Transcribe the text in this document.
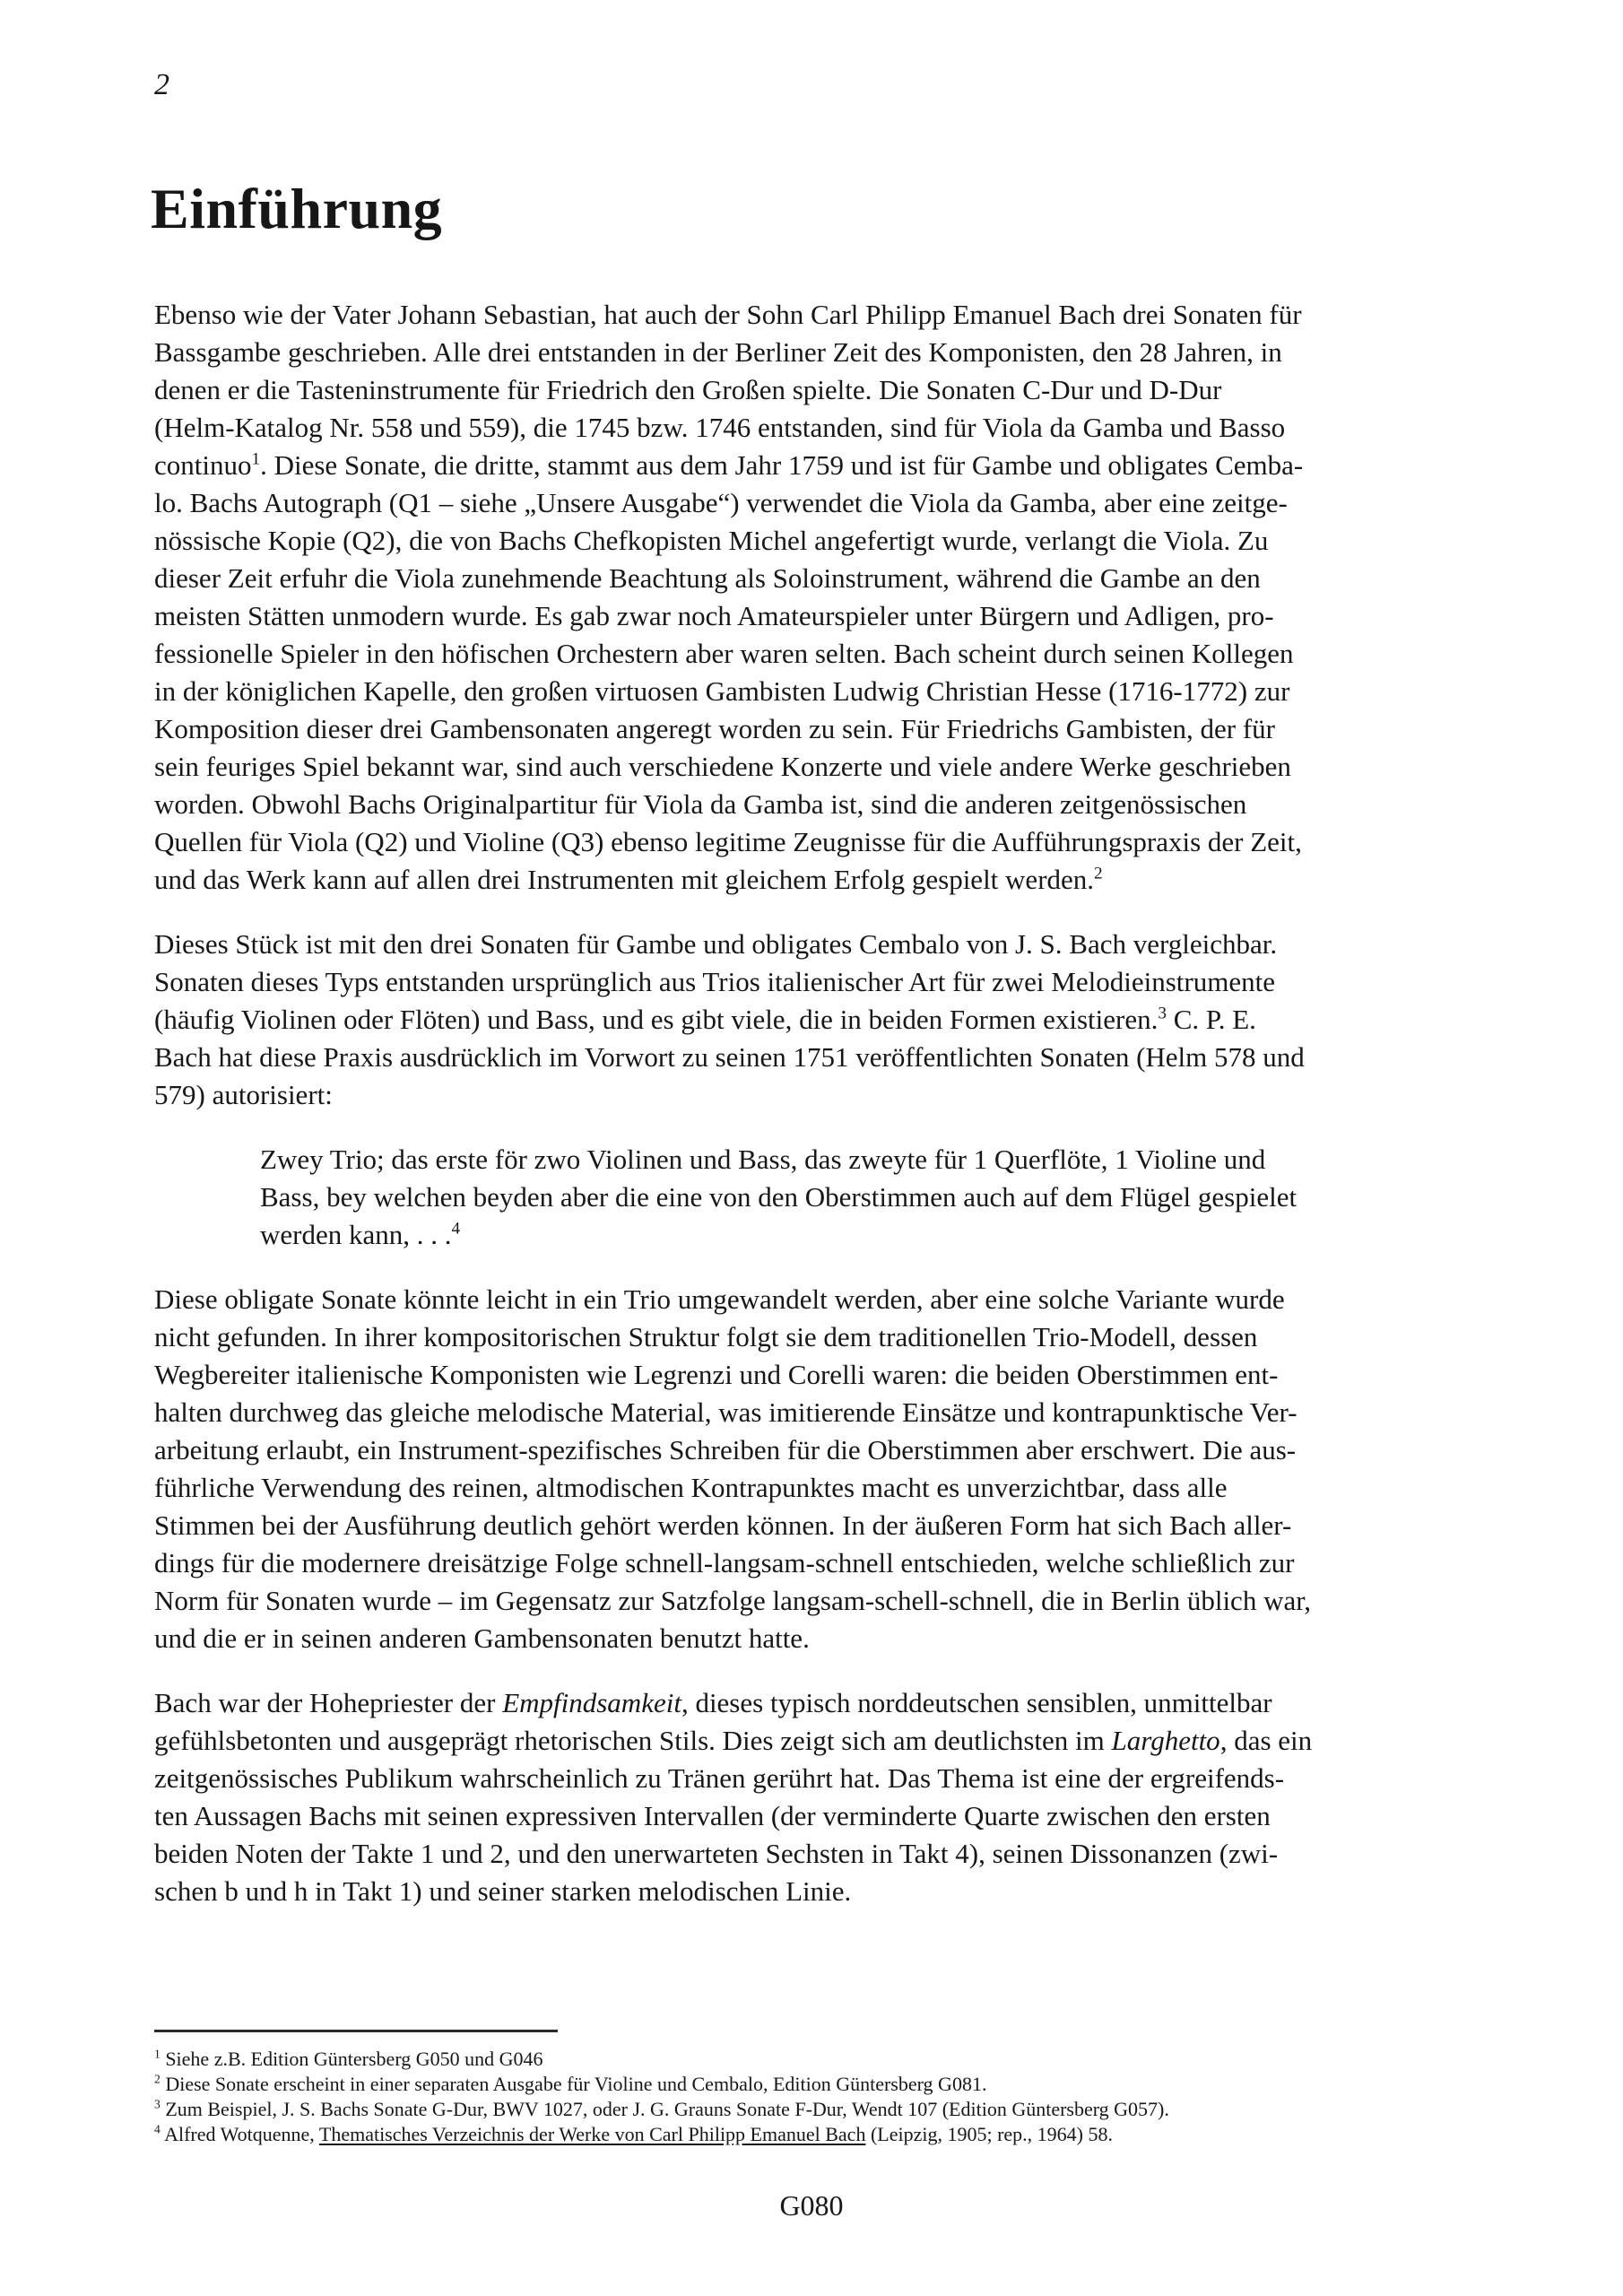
2
Einführung
Ebenso wie der Vater Johann Sebastian, hat auch der Sohn Carl Philipp Emanuel Bach drei Sonaten für
Bassgambe geschrieben. Alle drei entstanden in der Berliner Zeit des Komponisten, den 28 Jahren, in
denen er die Tasteninstrumente für Friedrich den Großen spielte. Die Sonaten C-Dur und D-Dur
(Helm-Katalog Nr. 558 und 559), die 1745 bzw. 1746 entstanden, sind für Viola da Gamba und Basso
continuo$^1$. Diese Sonate, die dritte, stammt aus dem Jahr 1759 und ist für Gambe und obligates Cemba-
lo. Bachs Autograph (Q1 – siehe „Unsere Ausgabe“) verwendet die Viola da Gamba, aber eine zeitge-
nössische Kopie (Q2), die von Bachs Chefkopisten Michel angefertigt wurde, verlangt die Viola. Zu
dieser Zeit erfuhr die Viola zunehmende Beachtung als Soloinstrument, während die Gambe an den
meisten Stätten unmodern wurde. Es gab zwar noch Amateurspieler unter Bürgern und Adligen, pro-
fessionelle Spieler in den höfischen Orchestern aber waren selten. Bach scheint durch seinen Kollegen
in der königlichen Kapelle, den großen virtuosen Gambisten Ludwig Christian Hesse (1716-1772) zur
Komposition dieser drei Gambensonaten angeregt worden zu sein. Für Friedrichs Gambisten, der für
sein feuriges Spiel bekannt war, sind auch verschiedene Konzerte und viele andere Werke geschrieben
worden. Obwohl Bachs Originalpartitur für Viola da Gamba ist, sind die anderen zeitgenössischen
Quellen für Viola (Q2) und Violine (Q3) ebenso legitime Zeugnisse für die Aufführungspraxis der Zeit,
und das Werk kann auf allen drei Instrumenten mit gleichem Erfolg gespielt werden.$^2$
Dieses Stück ist mit den drei Sonaten für Gambe und obligates Cembalo von J. S. Bach vergleichbar.
Sonaten dieses Typs entstanden ursprünglich aus Trios italienischer Art für zwei Melodieinstrumente
(häufig Violinen oder Flöten) und Bass, und es gibt viele, die in beiden Formen existieren.$^3$ C. P. E.
Bach hat diese Praxis ausdrücklich im Vorwort zu seinen 1751 veröffentlichten Sonaten (Helm 578 und
579) autorisiert:
Zwey Trio; das erste för zwo Violinen und Bass, das zweyte für 1 Querflöte, 1 Violine und
Bass, bey welchen beyden aber die eine von den Oberstimmen auch auf dem Flügel gespielet
werden kann, . . .$^4$
Diese obligate Sonate könnte leicht in ein Trio umgewandelt werden, aber eine solche Variante wurde
nicht gefunden. In ihrer kompositorischen Struktur folgt sie dem traditionellen Trio-Modell, dessen
Wegbereiter italienische Komponisten wie Legrenzi und Corelli waren: die beiden Oberstimmen ent-
halten durchweg das gleiche melodische Material, was imitierende Einsätze und kontrapunktische Ver-
arbeitung erlaubt, ein Instrument-spezifisches Schreiben für die Oberstimmen aber erschwert. Die aus-
führliche Verwendung des reinen, altmodischen Kontrapunktes macht es unverzichtbar, dass alle
Stimmen bei der Ausführung deutlich gehört werden können. In der äußeren Form hat sich Bach aller-
dings für die modernere dreisätzige Folge schnell-langsam-schnell entschieden, welche schließlich zur
Norm für Sonaten wurde – im Gegensatz zur Satzfolge langsam-schell-schnell, die in Berlin üblich war,
und die er in seinen anderen Gambensonaten benutzt hatte.
Bach war der Hohepriester der Empfindsamkeit, dieses typisch norddeutschen sensiblen, unmittelbar
gefühlsbetonten und ausgeprägt rhetorischen Stils. Dies zeigt sich am deutlichsten im Larghetto, das ein
zeitgenössisches Publikum wahrscheinlich zu Tränen gerührt hat. Das Thema ist eine der ergreifends-
ten Aussagen Bachs mit seinen expressiven Intervallen (der verminderte Quarte zwischen den ersten
beiden Noten der Takte 1 und 2, und den unerwarteten Sechsten in Takt 4), seinen Dissonanzen (zwi-
schen b und h in Takt 1) und seiner starken melodischen Linie.
$^1$ Siehe z.B. Edition Güntersberg G050 und G046
$^2$ Diese Sonate erscheint in einer separaten Ausgabe für Violine und Cembalo, Edition Güntersberg G081.
$^3$ Zum Beispiel, J. S. Bachs Sonate G-Dur, BWV 1027, oder J. G. Grauns Sonate F-Dur, Wendt 107 (Edition Güntersberg G057).
$^4$ Alfred Wotquenne, Thematisches Verzeichnis der Werke von Carl Philipp Emanuel Bach (Leipzig, 1905; rep., 1964) 58.
G080
